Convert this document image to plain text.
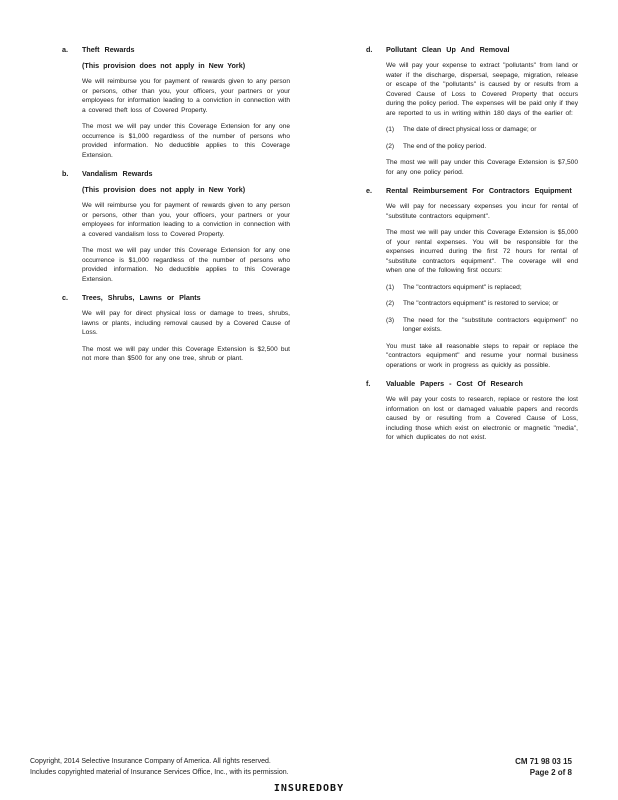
a. Theft Rewards
(This provision does not apply in New York)

We will reimburse you for payment of rewards given to any person or persons, other than you, your officers, your partners or your employees for information leading to a conviction in connection with a covered theft loss of Covered Property.

The most we will pay under this Coverage Extension for any one occurrence is $1,000 regardless of the number of persons who provided information. No deductible applies to this Coverage Extension.

b. Vandalism Rewards
(This provision does not apply in New York)

We will reimburse you for payment of rewards given to any person or persons, other than you, your officers, your partners or your employees for information leading to a conviction in connection with a covered vandalism loss to Covered Property.

The most we will pay under this Coverage Extension for any one occurrence is $1,000 regardless of the number of persons who provided information. No deductible applies to this Coverage Extension.

c. Trees, Shrubs, Lawns or Plants

We will pay for direct physical loss or damage to trees, shrubs, lawns or plants, including removal caused by a Covered Cause of Loss.

The most we will pay under this Coverage Extension is $2,500 but not more than $500 for any one tree, shrub or plant.

d. Pollutant Clean Up And Removal

We will pay your expense to extract "pollutants" from land or water if the discharge, dispersal, seepage, migration, release or escape of the "pollutants" is caused by or results from a Covered Cause of Loss to Covered Property that occurs during the policy period. The expenses will be paid only if they are reported to us in writing within 180 days of the earlier of:

(1) The date of direct physical loss or damage; or
(2) The end of the policy period.

The most we will pay under this Coverage Extension is $7,500 for any one policy period.

e. Rental Reimbursement For Contractors Equipment

We will pay for necessary expenses you incur for rental of "substitute contractors equipment".

The most we will pay under this Coverage Extension is $5,000 of your rental expenses. You will be responsible for the expenses incurred during the first 72 hours for rental of "substitute contractors equipment". The coverage will end when one of the following first occurs:

(1) The "contractors equipment" is replaced;
(2) The "contractors equipment" is restored to service; or
(3) The need for the "substitute contractors equipment" no longer exists.

You must take all reasonable steps to repair or replace the "contractors equipment" and resume your normal business operations or work in progress as quickly as possible.

f. Valuable Papers - Cost Of Research

We will pay your costs to research, replace or restore the lost information on lost or damaged valuable papers and records caused by or resulting from a Covered Cause of Loss, including those which exist on electronic or magnetic "media", for which duplicates do not exist.

Copyright, 2014 Selective Insurance Company of America. All rights reserved.
Includes copyrighted material of Insurance Services Office, Inc., with its permission.
CM 71 98 03 15
Page 2 of 8
INSUREDOBY
